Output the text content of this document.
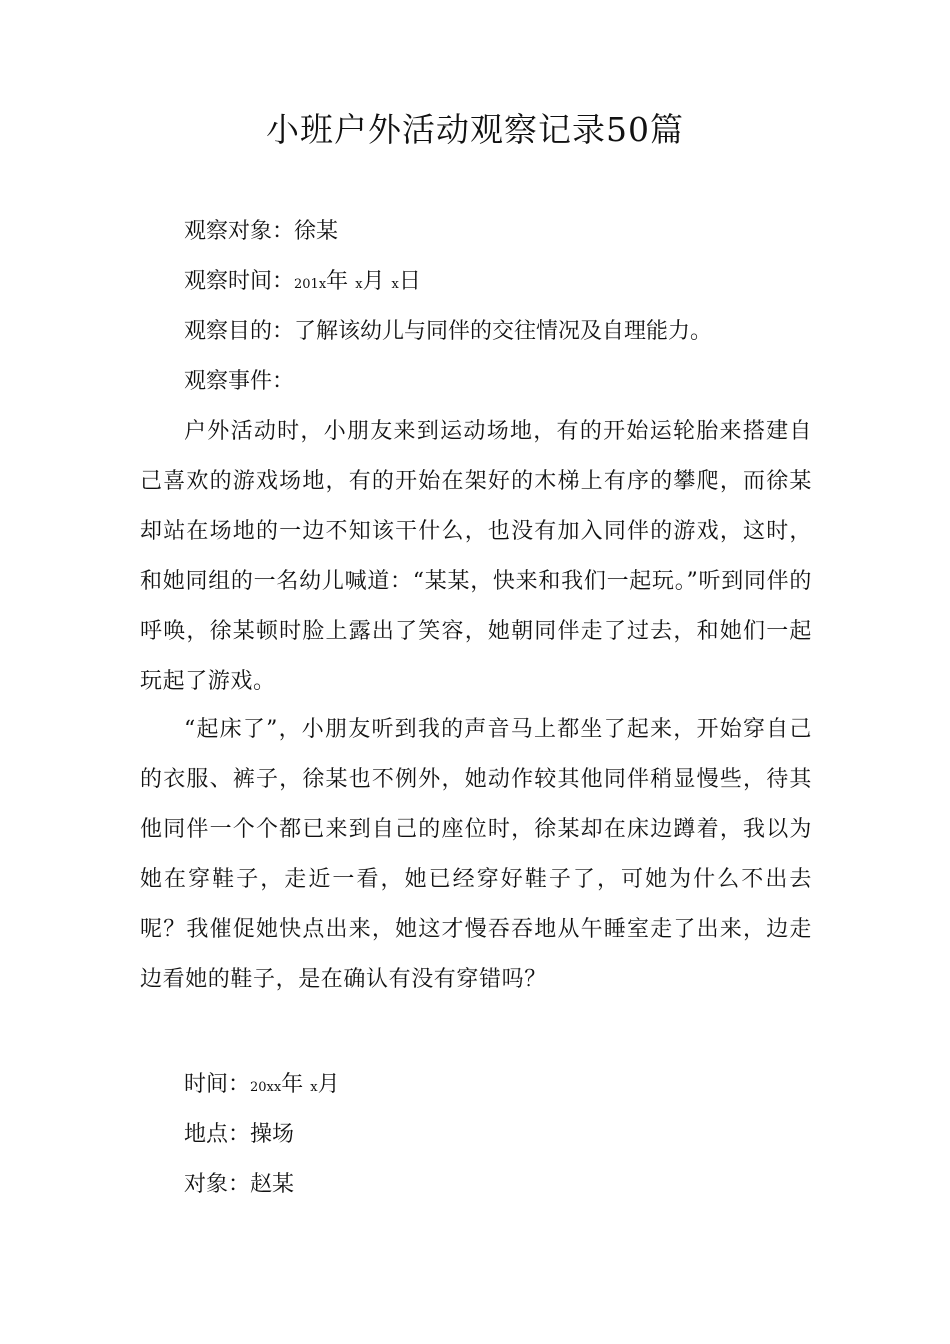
小班户外活动观察记录50篇

观察对象：徐某

观察时间：201x年 x月 x日

观察目的：了解该幼儿与同伴的交往情况及自理能力。

观察事件：

户外活动时，小朋友来到运动场地，有的开始运轮胎来搭建自己喜欢的游戏场地，有的开始在架好的木梯上有序的攀爬，而徐某却站在场地的一边不知该干什么，也没有加入同伴的游戏，这时，和她同组的一名幼儿喊道：“某某，快来和我们一起玩。”听到同伴的呼唤，徐某顿时脸上露出了笑容，她朝同伴走了过去，和她们一起玩起了游戏。

“起床了”，小朋友听到我的声音马上都坐了起来，开始穿自己的衣服、裤子，徐某也不例外，她动作较其他同伴稍显慢些，待其他同伴一个个都已来到自己的座位时，徐某却在床边蹲着，我以为她在穿鞋子，走近一看，她已经穿好鞋子了，可她为什么不出去呢？我催促她快点出来，她这才慢吞吞地从午睡室走了出来，边走边看她的鞋子，是在确认有没有穿错吗？

时间：20xx年 x月

地点：操场

对象：赵某
